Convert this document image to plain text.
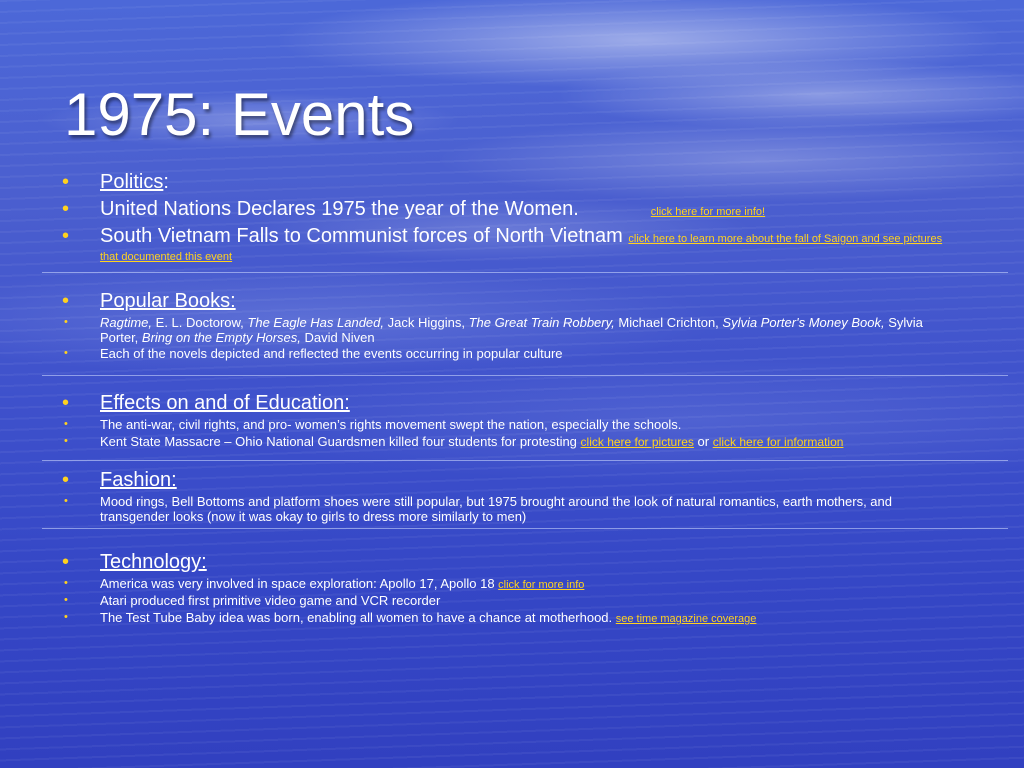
1975: Events
• Politics:
• United Nations Declares 1975 the year of the Women.	click here for more info!
• South Vietnam Falls to Communist forces of North Vietnam click here to learn more about the fall of Saigon and see pictures that documented this event
• Popular Books:
• Ragtime, E. L. Doctorow, The Eagle Has Landed, Jack Higgins, The Great Train Robbery, Michael Crichton, Sylvia Porter's Money Book, Sylvia Porter, Bring on the Empty Horses, David Niven
• Each of the novels depicted and reflected the events occurring in popular culture
• Effects on and of Education:
• The anti-war, civil rights, and pro- women’s rights movement swept the nation, especially the schools.
• Kent State Massacre – Ohio National Guardsmen killed four students for protesting click here for pictures or click here for information
• Fashion:
• Mood rings, Bell Bottoms and platform shoes were still popular, but 1975 brought around the look of natural romantics, earth mothers, and transgender looks (now it was okay to girls to dress more similarly to men)
• Technology:
• America was very involved in space exploration: Apollo 17, Apollo 18 click for more info
• Atari produced first primitive video game and VCR recorder
• The Test Tube Baby idea was born, enabling all women to have a chance at motherhood. see time magazine coverage
